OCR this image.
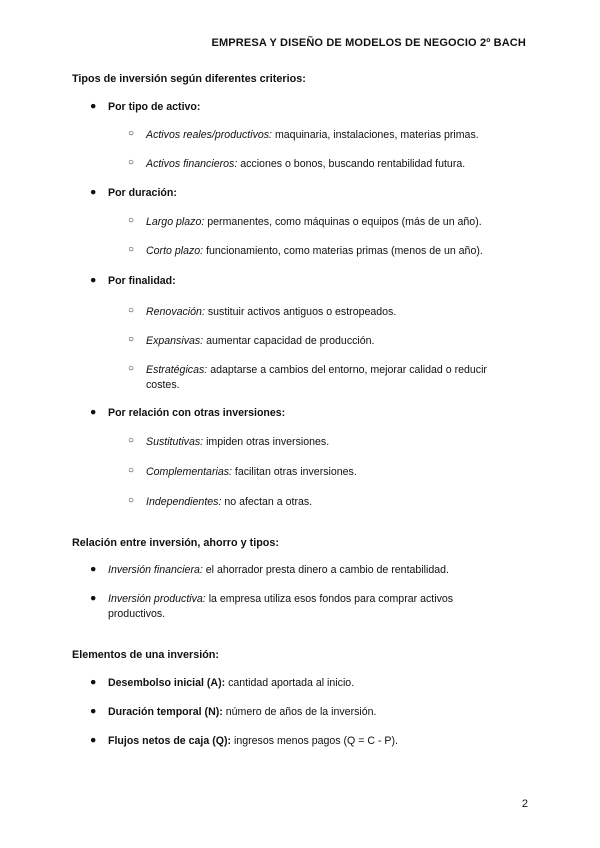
EMPRESA Y DISEÑO DE MODELOS DE NEGOCIO 2º BACH
Tipos de inversión según diferentes criterios:
● Por tipo de activo:
○ Activos reales/productivos: maquinaria, instalaciones, materias primas.
○ Activos financieros: acciones o bonos, buscando rentabilidad futura.
● Por duración:
○ Largo plazo: permanentes, como máquinas o equipos (más de un año).
○ Corto plazo: funcionamiento, como materias primas (menos de un año).
● Por finalidad:
○ Renovación: sustituir activos antiguos o estropeados.
○ Expansivas: aumentar capacidad de producción.
○ Estratégicas: adaptarse a cambios del entorno, mejorar calidad o reducir costes.
● Por relación con otras inversiones:
○ Sustitutivas: impiden otras inversiones.
○ Complementarias: facilitan otras inversiones.
○ Independientes: no afectan a otras.
Relación entre inversión, ahorro y tipos:
● Inversión financiera: el ahorrador presta dinero a cambio de rentabilidad.
● Inversión productiva: la empresa utiliza esos fondos para comprar activos productivos.
Elementos de una inversión:
● Desembolso inicial (A): cantidad aportada al inicio.
● Duración temporal (N): número de años de la inversión.
● Flujos netos de caja (Q): ingresos menos pagos (Q = C - P).
2
